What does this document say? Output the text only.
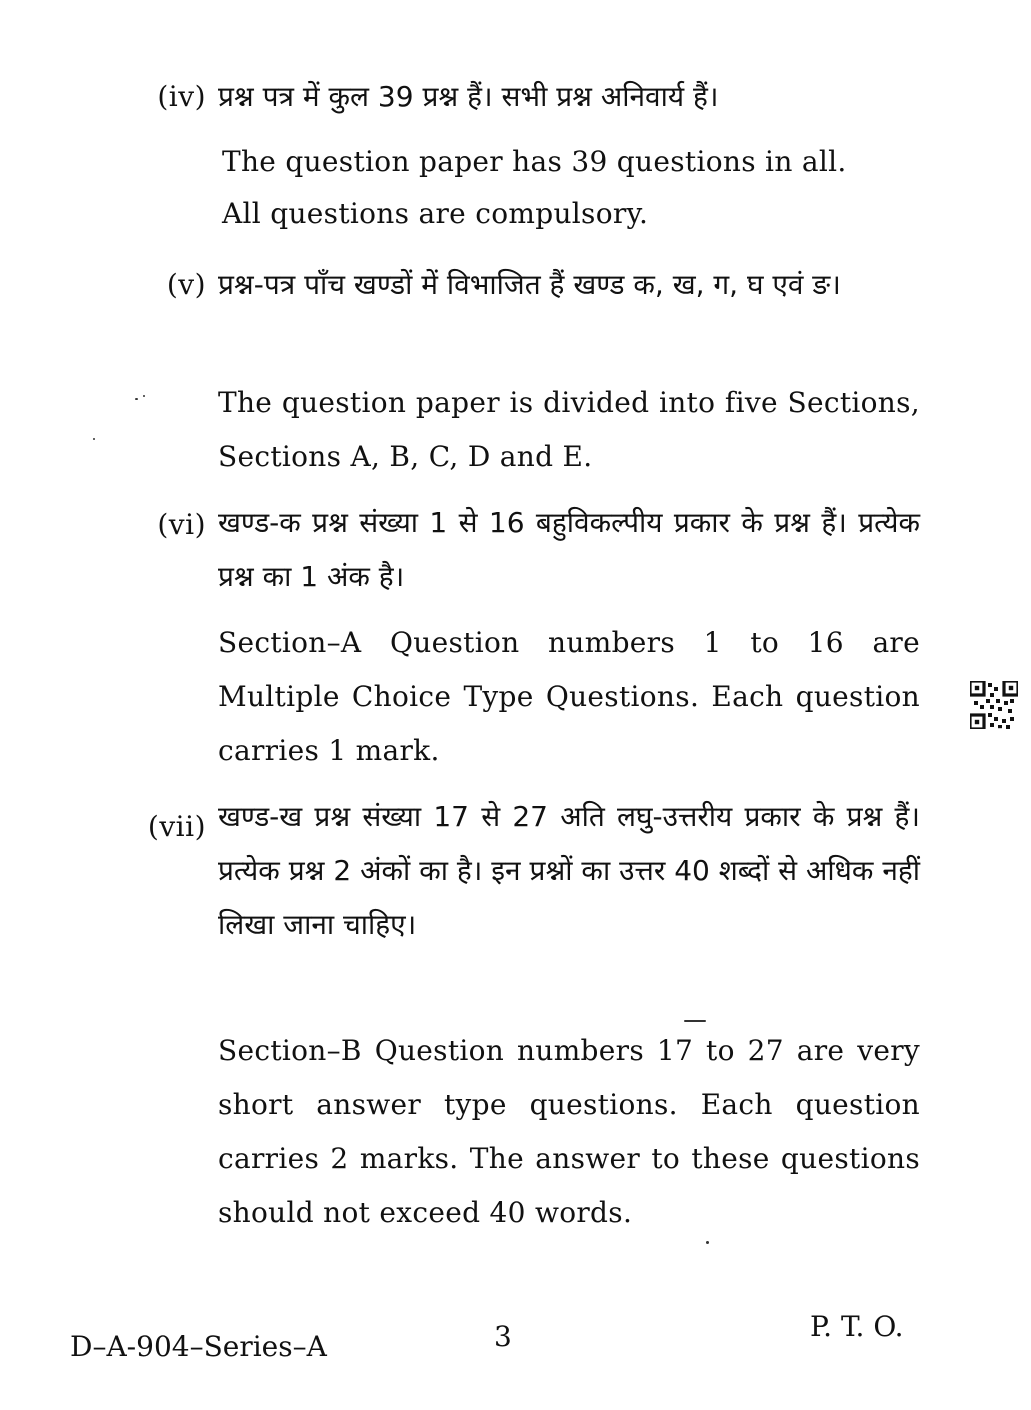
(iv) प्रश्न पत्र में कुल 39 प्रश्न हैं। सभी प्रश्न अनिवार्य हैं।
The question paper has 39 questions in all.
All questions are compulsory.
(v) प्रश्न-पत्र पाँच खण्डों में विभाजित हैं खण्ड क, ख, ग, घ एवं ङ।
The question paper is divided into five Sections, Sections A, B, C, D and E.
(vi) खण्ड-क प्रश्न संख्या 1 से 16 बहुविकल्पीय प्रकार के प्रश्न हैं। प्रत्येक प्रश्न का 1 अंक है।
Section–A Question numbers 1 to 16 are Multiple Choice Type Questions. Each question carries 1 mark.
(vii) खण्ड-ख प्रश्न संख्या 17 से 27 अति लघु-उत्तरीय प्रकार के प्रश्न हैं। प्रत्येक प्रश्न 2 अंकों का है। इन प्रश्नों का उत्तर 40 शब्दों से अधिक नहीं लिखा जाना चाहिए।
Section–B Question numbers 17 to 27 are very short answer type questions. Each question carries 2 marks. The answer to these questions should not exceed 40 words.
D–A-904–Series–A	3	P. T. O.
